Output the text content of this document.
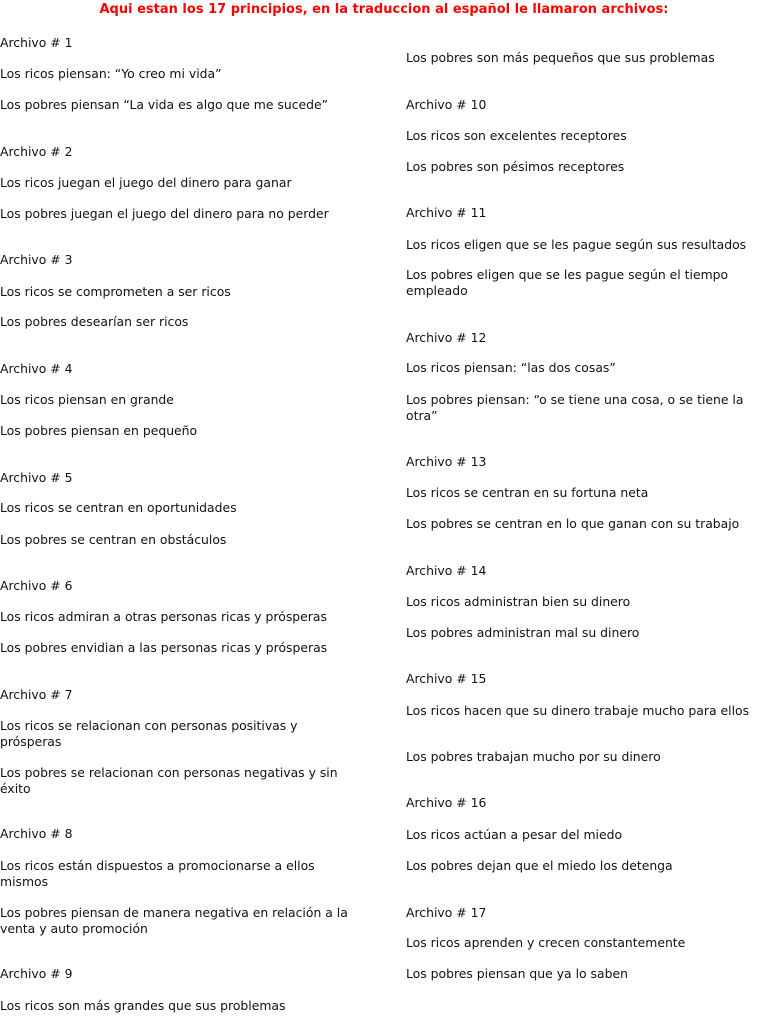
Aqui estan los 17 principios, en la traduccion al español le llamaron archivos:
Archivo # 1
Los ricos piensan: “Yo creo mi vida”
Los pobres piensan “La vida es algo que me sucede”
Archivo # 2
Los ricos juegan el juego del dinero para ganar
Los pobres juegan el juego del dinero para no perder
Archivo # 3
Los ricos se comprometen a ser ricos
Los pobres desearían ser ricos
Archivo # 4
Los ricos piensan en grande
Los pobres piensan en pequeño
Archivo # 5
Los ricos se centran en oportunidades
Los pobres se centran en obstáculos
Archivo # 6
Los ricos admiran a otras personas ricas y prósperas
Los pobres envidian a las personas ricas y prósperas
Archivo # 7
Los ricos se relacionan con personas positivas y prósperas
Los pobres se relacionan con personas negativas y sin éxito
Archivo # 8
Los ricos están dispuestos a promocionarse a ellos mismos
Los pobres piensan de manera negativa en relación a la venta y auto promoción
Archivo # 9
Los ricos son más grandes que sus problemas
Los pobres son más pequeños que sus problemas
Archivo # 10
Los ricos son excelentes receptores
Los pobres son pésimos receptores
Archivo # 11
Los ricos eligen que se les pague según sus resultados
Los pobres eligen que se les pague según el tiempo empleado
Archivo # 12
Los ricos piensan: “las dos cosas”
Los pobres piensan: “o se tiene una cosa, o se tiene la otra”
Archivo # 13
Los ricos se centran en su fortuna neta
Los pobres se centran en lo que ganan con su trabajo
Archivo # 14
Los ricos administran bien su dinero
Los pobres administran mal su dinero
Archivo # 15
Los ricos hacen que su dinero trabaje mucho para ellos
Los pobres trabajan mucho por su dinero
Archivo # 16
Los ricos actúan a pesar del miedo
Los pobres dejan que el miedo los detenga
Archivo # 17
Los ricos aprenden y crecen constantemente
Los pobres piensan que ya lo saben
